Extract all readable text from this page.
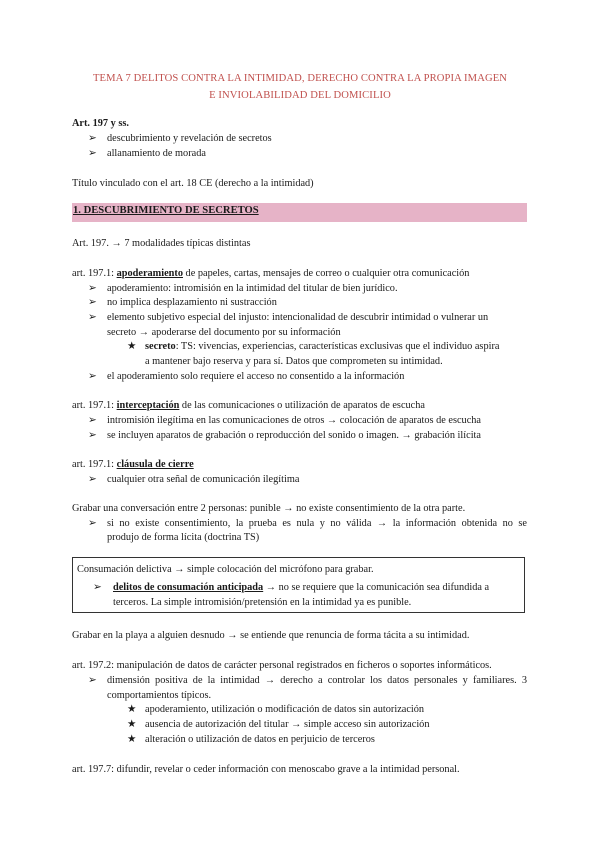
TEMA 7 DELITOS CONTRA LA INTIMIDAD, DERECHO CONTRA LA PROPIA IMAGEN
E INVIOLABILIDAD DEL DOMICILIO
Art. 197 y ss.
➢ descubrimiento y revelación de secretos
➢ allanamiento de morada
Título vinculado con el art. 18 CE (derecho a la intimidad)
1. DESCUBRIMIENTO DE SECRETOS
Art. 197. → 7 modalidades típicas distintas
art. 197.1: apoderamiento de papeles, cartas, mensajes de correo o cualquier otra comunicación
➢ apoderamiento: intromisión en la intimidad del titular de bien jurídico.
➢ no implica desplazamiento ni sustracción
➢ elemento subjetivo especial del injusto: intencionalidad de descubrir intimidad o vulnerar un
secreto → apoderarse del documento por su información
★ secreto: TS: vivencias, experiencias, características exclusivas que el individuo aspira
a mantener bajo reserva y para sí. Datos que comprometen su intimidad.
➢ el apoderamiento solo requiere el acceso no consentido a la información
art. 197.1: interceptación de las comunicaciones o utilización de aparatos de escucha
➢ intromisión ilegítima en las comunicaciones de otros → colocación de aparatos de escucha
➢ se incluyen aparatos de grabación o reproducción del sonido o imagen. → grabación ilícita
art. 197.1: cláusula de cierre
➢ cualquier otra señal de comunicación ilegítima
Grabar una conversación entre 2 personas: punible → no existe consentimiento de la otra parte.
➢ si no existe consentimiento, la prueba es nula y no válida → la información obtenida no se
produjo de forma lícita (doctrina TS)
Consumación delictiva → simple colocación del micrófono para grabar.
➢ delitos de consumación anticipada → no se requiere que la comunicación sea difundida a
terceros. La simple intromisión/pretensión en la intimidad ya es punible.
Grabar en la playa a alguien desnudo → se entiende que renuncia de forma tácita a su intimidad.
art. 197.2: manipulación de datos de carácter personal registrados en ficheros o soportes informáticos.
➢ dimensión positiva de la intimidad → derecho a controlar los datos personales y familiares. 3
comportamientos típicos.
★ apoderamiento, utilización o modificación de datos sin autorización
★ ausencia de autorización del titular → simple acceso sin autorización
★ alteración o utilización de datos en perjuicio de terceros
art. 197.7: difundir, revelar o ceder información con menoscabo grave a la intimidad personal.
